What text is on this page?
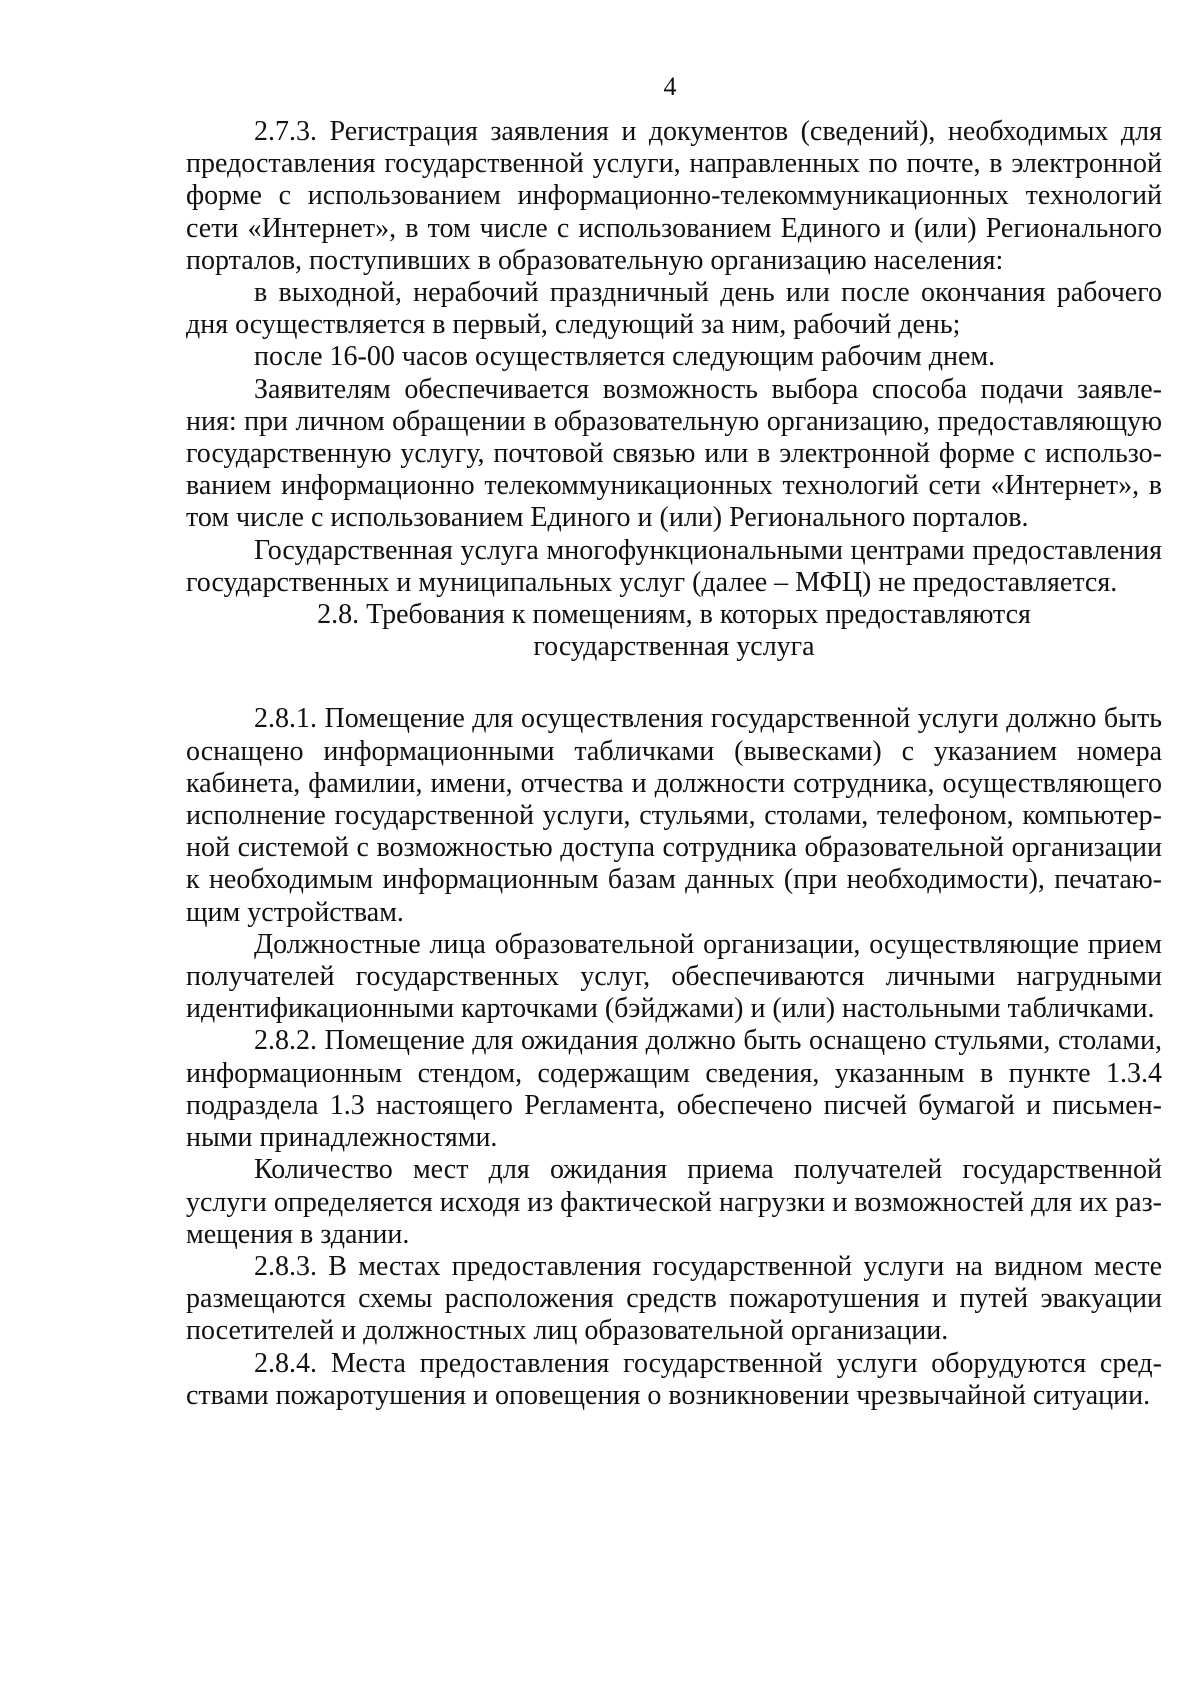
4

2.7.3. Регистрация заявления и документов (сведений), необходимых для предоставления государственной услуги, направленных по почте, в электронной форме с использованием информационно-телекоммуникационных технологий сети «Интернет», в том числе с использованием Единого и (или) Регионального порталов, поступивших в образовательную организацию населения:

в выходной, нерабочий праздничный день или после окончания рабочего дня осуществляется в первый, следующий за ним, рабочий день;

после 16-00 часов осуществляется следующим рабочим днем.

Заявителям обеспечивается возможность выбора способа подачи заявления: при личном обращении в образовательную организацию, предоставляющую государственную услугу, почтовой связью или в электронной форме с использованием информационно телекоммуникационных технологий сети «Интернет», в том числе с использованием Единого и (или) Регионального порталов.

Государственная услуга многофункциональными центрами предоставления государственных и муниципальных услуг (далее – МФЦ) не предоставляется.

2.8. Требования к помещениям, в которых предоставляются
государственная услуга

2.8.1. Помещение для осуществления государственной услуги должно быть оснащено информационными табличками (вывесками) с указанием номера кабинета, фамилии, имени, отчества и должности сотрудника, осуществляющего исполнение государственной услуги, стульями, столами, телефоном, компьютерной системой с возможностью доступа сотрудника образовательной организации к необходимым информационным базам данных (при необходимости), печатающим устройствам.

Должностные лица образовательной организации, осуществляющие прием получателей государственных услуг, обеспечиваются личными нагрудными идентификационными карточками (бэйджами) и (или) настольными табличками.

2.8.2. Помещение для ожидания должно быть оснащено стульями, столами, информационным стендом, содержащим сведения, указанным в пункте 1.3.4 подраздела 1.3 настоящего Регламента, обеспечено писчей бумагой и письменными принадлежностями.

Количество мест для ожидания приема получателей государственной услуги определяется исходя из фактической нагрузки и возможностей для их размещения в здании.

2.8.3. В местах предоставления государственной услуги на видном месте размещаются схемы расположения средств пожаротушения и путей эвакуации посетителей и должностных лиц образовательной организации.

2.8.4. Места предоставления государственной услуги оборудуются средствами пожаротушения и оповещения о возникновении чрезвычайной ситуации.
